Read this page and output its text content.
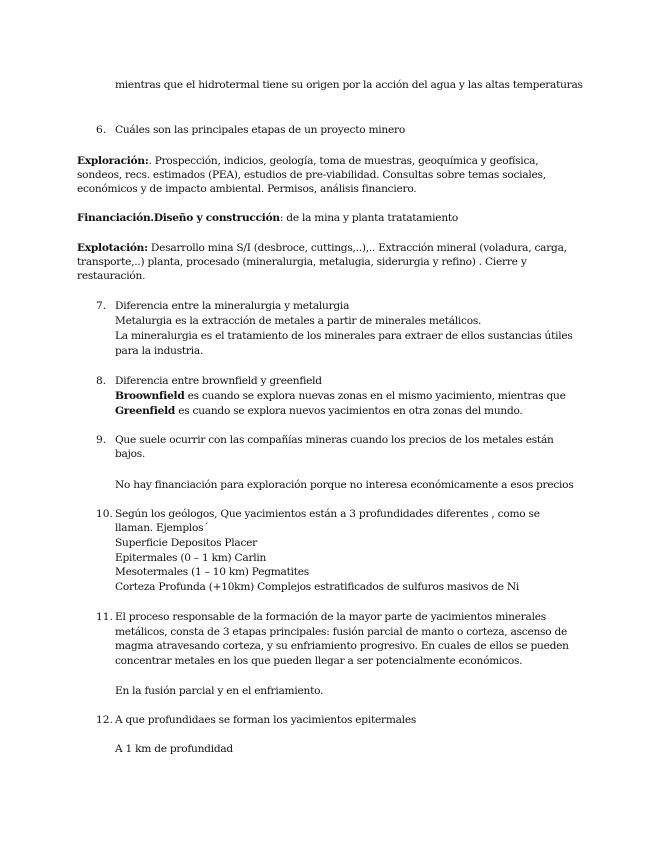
mientras que el hidrotermal tiene su origen por la acción del agua y las altas temperaturas
6. Cuáles son las principales etapas de un proyecto minero
Exploración:. Prospección, indicios, geología, toma de muestras, geoquímica y geofísica,
sondeos, recs. estimados (PEA), estudios de pre-viabilidad. Consultas sobre temas sociales,
económicos y de impacto ambiental. Permisos, análisis financiero.
Financiación.Diseño y construcción: de la mina y planta tratatamiento
Explotación: Desarrollo mina S/I (desbroce, cuttings,..),.. Extracción mineral (voladura, carga,
transporte,..) planta, procesado (mineralurgia, metalugia, siderurgia y refino) . Cierre y
restauración.
7. Diferencia entre la mineralurgia y metalurgia
Metalurgia es la extracción de metales a partir de minerales metálicos.
La mineralurgia es el tratamiento de los minerales para extraer de ellos sustancias útiles
para la industria.
8. Diferencia entre brownfield y greenfield
Broownfield es cuando se explora nuevas zonas en el mismo yacimiento, mientras que
Greenfield es cuando se explora nuevos yacimientos en otra zonas del mundo.
9. Que suele ocurrir con las compañías mineras cuando los precios de los metales están
bajos.
No hay financiación para exploración porque no interesa económicamente a esos precios
10. Según los geólogos, Que yacimientos están a 3 profundidades diferentes , como se
llaman. Ejemplos´
Superficie Depositos Placer
Epitermales (0 – 1 km) Carlin
Mesotermales (1 – 10 km) Pegmatites
Corteza Profunda (+10km) Complejos estratificados de sulfuros masivos de Ni
11. El proceso responsable de la formación de la mayor parte de yacimientos minerales
metálicos, consta de 3 etapas principales: fusión parcial de manto o corteza, ascenso de
magma atravesando corteza, y su enfriamiento progresivo. En cuales de ellos se pueden
concentrar metales en los que pueden llegar a ser potencialmente económicos.
En la fusión parcial y en el enfriamiento.
12. A que profundidaes se forman los yacimientos epitermales
A 1 km de profundidad
